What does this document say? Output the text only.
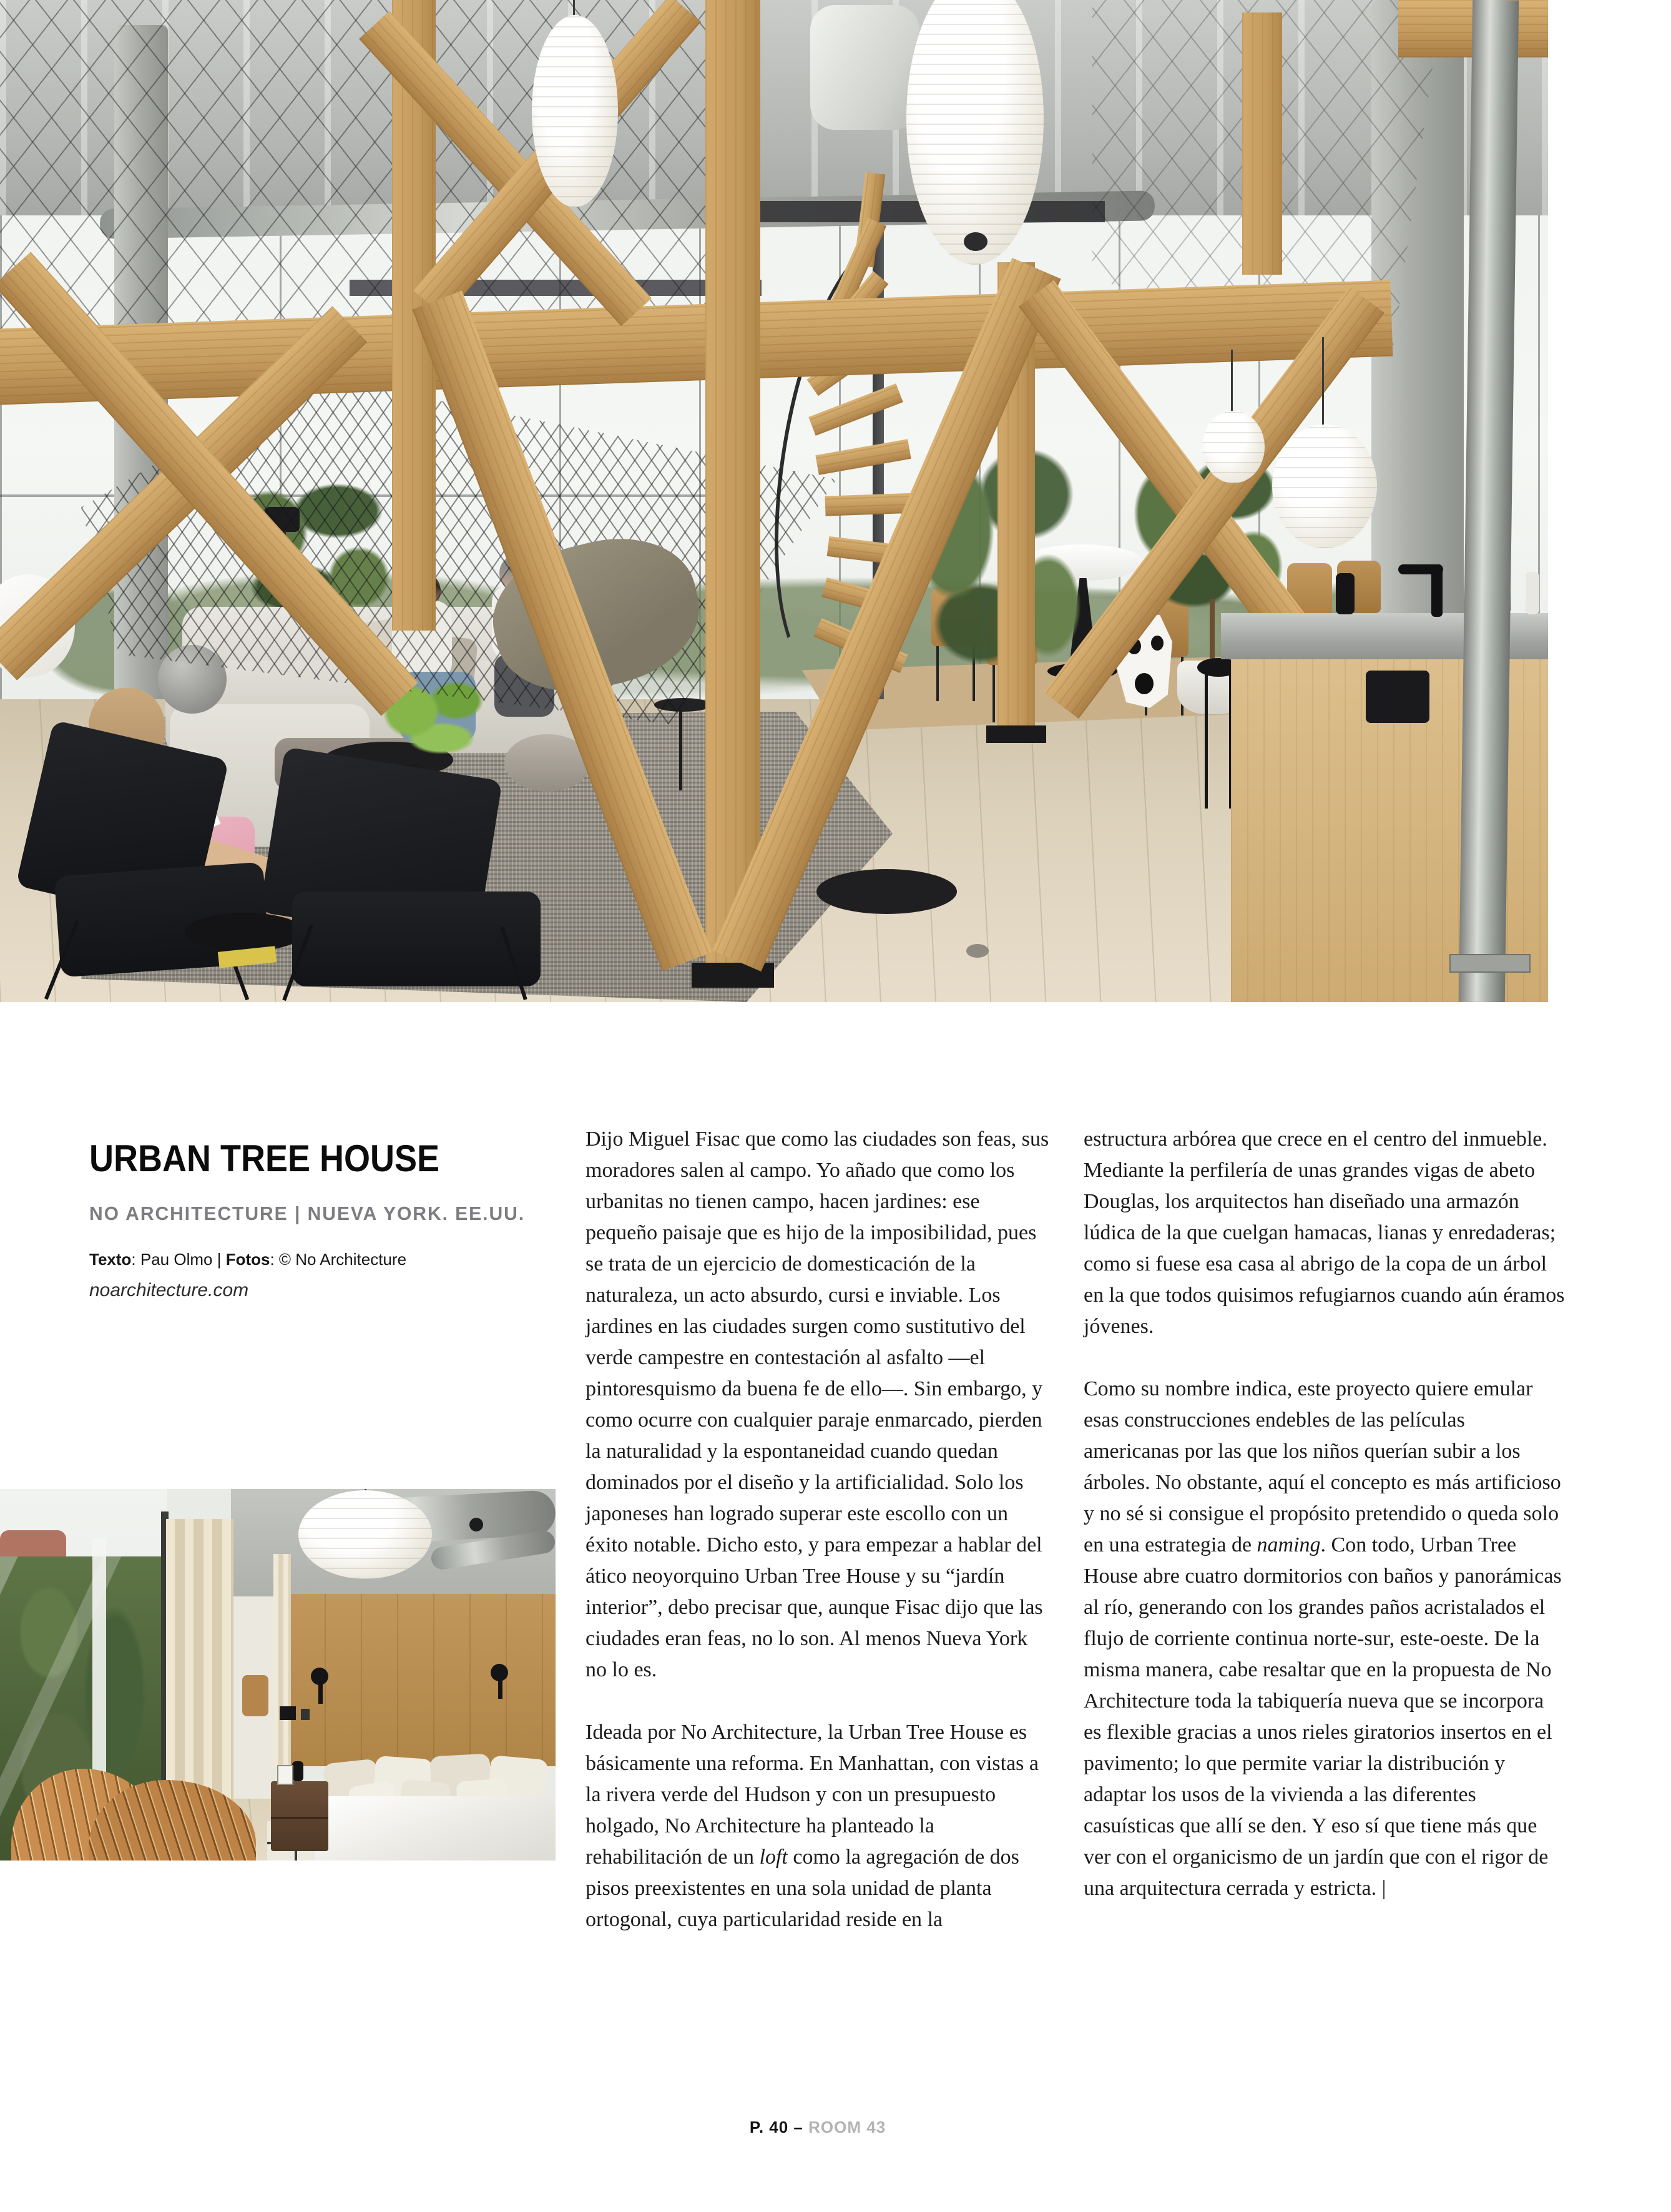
URBAN TREE HOUSE
NO ARCHITECTURE | NUEVA YORK. EE.UU.

Texto: Pau Olmo | Fotos: © No Architecture

noarchitecture.com

Dijo Miguel Fisac que como las ciudades son feas, sus moradores salen al campo. Yo añado que como los urbanitas no tienen campo, hacen jardines: ese pequeño paisaje que es hijo de la imposibilidad, pues se trata de un ejercicio de domesticación de la naturaleza, un acto absurdo, cursi e inviable. Los jardines en las ciudades surgen como sustitutivo del verde campestre en contestación al asfalto —el pintoresquismo da buena fe de ello—. Sin embargo, y como ocurre con cualquier paraje enmarcado, pierden la naturalidad y la espontaneidad cuando quedan dominados por el diseño y la artificialidad. Solo los japoneses han logrado superar este escollo con un éxito notable. Dicho esto, y para empezar a hablar del ático neoyorquino Urban Tree House y su “jardín interior”, debo precisar que, aunque Fisac dijo que las ciudades eran feas, no lo son. Al menos Nueva York no lo es.

Ideada por No Architecture, la Urban Tree House es básicamente una reforma. En Manhattan, con vistas a la rivera verde del Hudson y con un presupuesto holgado, No Architecture ha planteado la rehabilitación de un loft como la agregación de dos pisos preexistentes en una sola unidad de planta ortogonal, cuya particularidad reside en la

estructura arbórea que crece en el centro del inmueble. Mediante la perfilería de unas grandes vigas de abeto Douglas, los arquitectos han diseñado una armazón lúdica de la que cuelgan hamacas, lianas y enredaderas; como si fuese esa casa al abrigo de la copa de un árbol en la que todos quisimos refugiarnos cuando aún éramos jóvenes.

Como su nombre indica, este proyecto quiere emular esas construcciones endebles de las películas americanas por las que los niños querían subir a los árboles. No obstante, aquí el concepto es más artificioso y no sé si consigue el propósito pretendido o queda solo en una estrategia de naming. Con todo, Urban Tree House abre cuatro dormitorios con baños y panorámicas al río, generando con los grandes paños acristalados el flujo de corriente continua norte-sur, este-oeste. De la misma manera, cabe resaltar que en la propuesta de No Architecture toda la tabiquería nueva que se incorpora es flexible gracias a unos rieles giratorios insertos en el pavimento; lo que permite variar la distribución y adaptar los usos de la vivienda a las diferentes casuísticas que allí se den. Y eso sí que tiene más que ver con el organicismo de un jardín que con el rigor de una arquitectura cerrada y estricta. |

P. 40 – ROOM 43
